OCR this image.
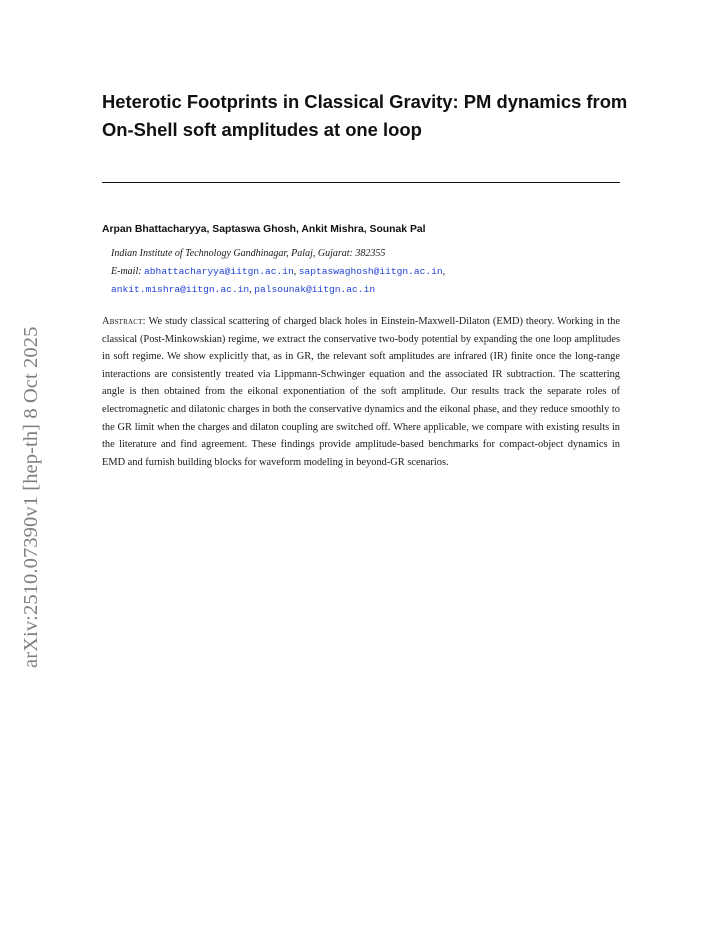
arXiv:2510.07390v1 [hep-th] 8 Oct 2025
Heterotic Footprints in Classical Gravity: PM dynamics from On-Shell soft amplitudes at one loop
Arpan Bhattacharyya, Saptaswa Ghosh, Ankit Mishra, Sounak Pal
Indian Institute of Technology Gandhinagar, Palaj, Gujarat: 382355
E-mail: abhattacharyya@iitgn.ac.in, saptaswaghosh@iitgn.ac.in,
ankit.mishra@iitgn.ac.in, palsounak@iitgn.ac.in
Abstract: We study classical scattering of charged black holes in Einstein-Maxwell-Dilaton (EMD) theory. Working in the classical (Post-Minkowskian) regime, we extract the conservative two-body potential by expanding the one loop amplitudes in soft regime. We show explicitly that, as in GR, the relevant soft amplitudes are infrared (IR) finite once the long-range interactions are consistently treated via Lippmann-Schwinger equation and the associated IR subtraction. The scattering angle is then obtained from the eikonal exponentiation of the soft amplitude. Our results track the separate roles of electromagnetic and dilatonic charges in both the conservative dynamics and the eikonal phase, and they reduce smoothly to the GR limit when the charges and dilaton coupling are switched off. Where applicable, we compare with existing results in the literature and find agreement. These findings provide amplitude-based benchmarks for compact-object dynamics in EMD and furnish building blocks for waveform modeling in beyond-GR scenarios.
